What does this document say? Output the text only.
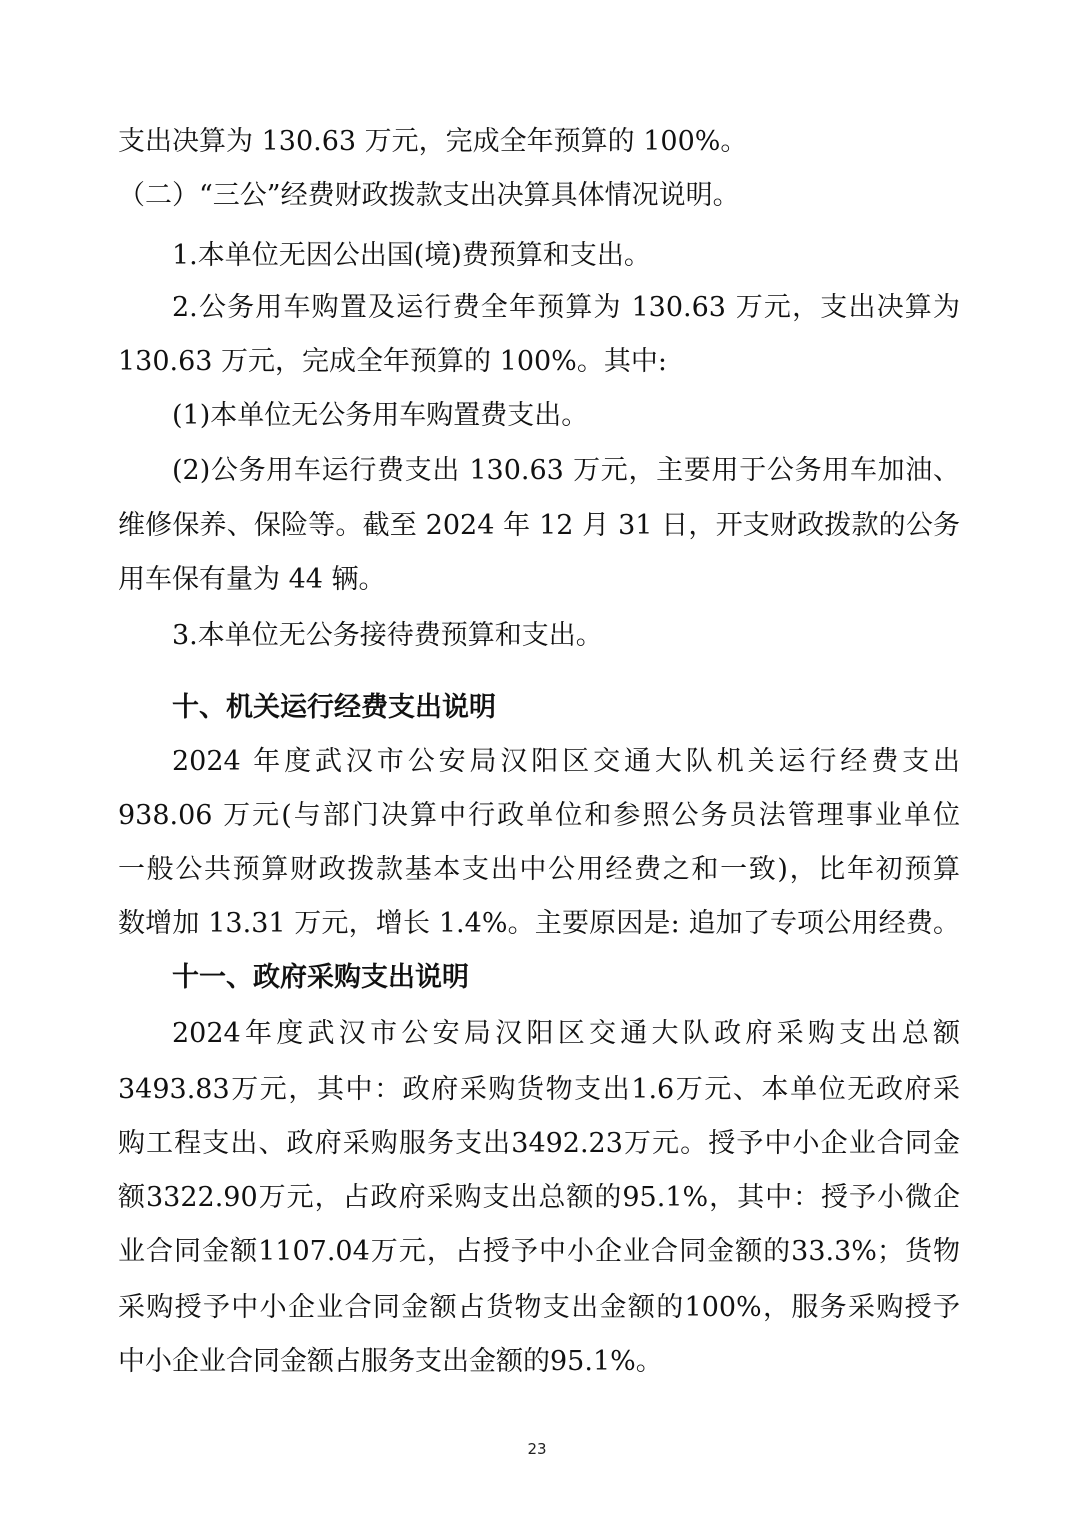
支出决算为 130.63 万元，完成全年预算的 100%。
（二）“三公”经费财政拨款支出决算具体情况说明。
1.本单位无因公出国(境)费预算和支出。
2.公务用车购置及运行费全年预算为 130.63 万元，支出决算为
130.63 万元，完成全年预算的 100%。其中:
(1)本单位无公务用车购置费支出。
(2)公务用车运行费支出 130.63 万元，主要用于公务用车加油、
维修保养、保险等。截至 2024 年 12 月 31 日，开支财政拨款的公务
用车保有量为 44 辆。
3.本单位无公务接待费预算和支出。
十、机关运行经费支出说明
2024 年度武汉市公安局汉阳区交通大队机关运行经费支出
938.06 万元(与部门决算中行政单位和参照公务员法管理事业单位
一般公共预算财政拨款基本支出中公用经费之和一致)，比年初预算
数增加 13.31 万元，增长 1.4%。主要原因是: 追加了专项公用经费。
十一、政府采购支出说明
2024年度武汉市公安局汉阳区交通大队政府采购支出总额
3493.83万元，其中：政府采购货物支出1.6万元、本单位无政府采
购工程支出、政府采购服务支出3492.23万元。授予中小企业合同金
额3322.90万元，占政府采购支出总额的95.1%，其中：授予小微企
业合同金额1107.04万元，占授予中小企业合同金额的33.3%；货物
采购授予中小企业合同金额占货物支出金额的100%，服务采购授予
中小企业合同金额占服务支出金额的95.1%。
23
